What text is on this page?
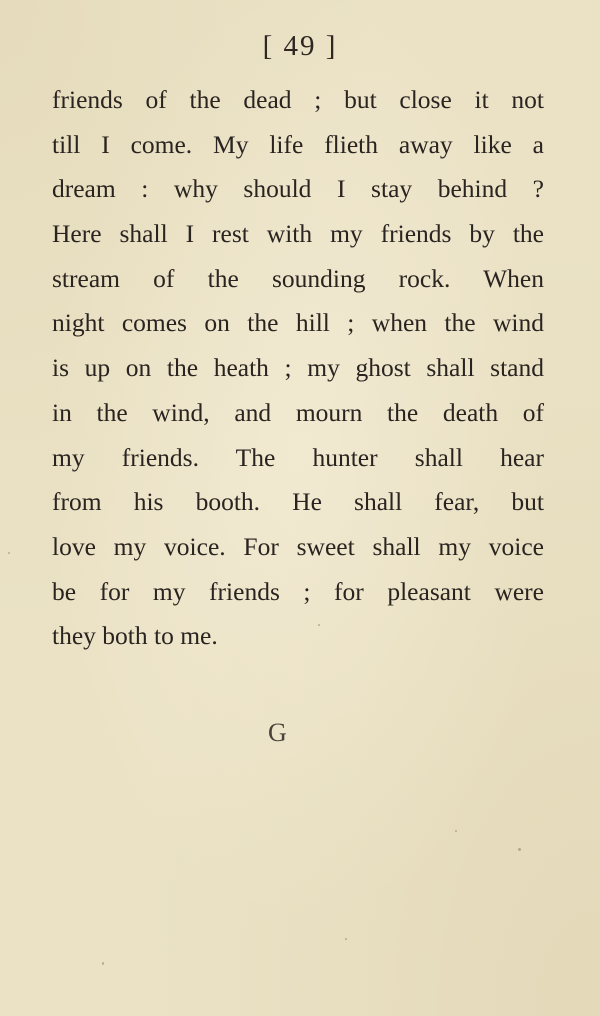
[ 49 ]
friends of the dead ; but close it not
till I come. My life flieth away like a
dream : why should I stay behind ?
Here shall I rest with my friends by the
stream of the sounding rock. When
night comes on the hill ; when the wind
is up on the heath ; my ghost shall stand
in the wind, and mourn the death of
my friends. The hunter shall hear
from his booth. He shall fear, but
love my voice. For sweet shall my voice
be for my friends ; for pleasant were
they both to me.
G
